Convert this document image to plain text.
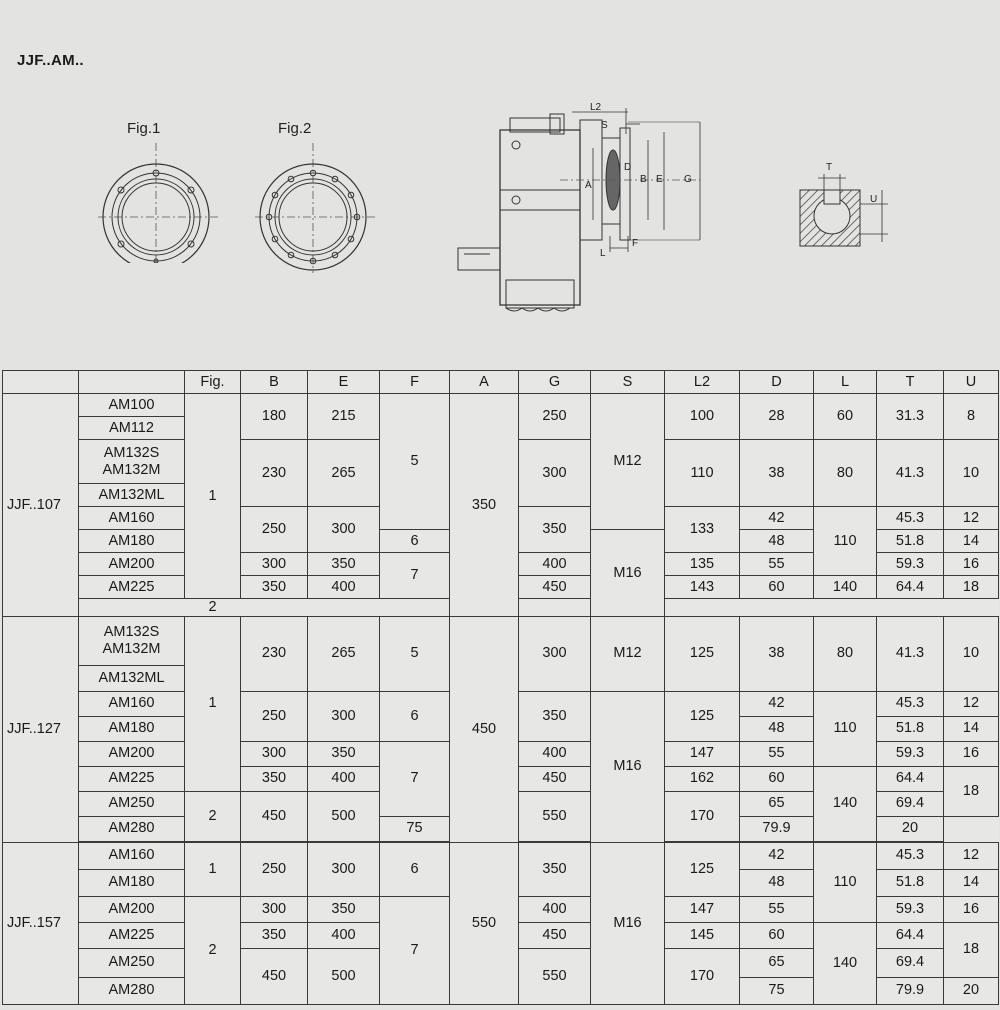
JJF..AM..
Fig.1	Fig.2
L2
S
D
A
B E G
L
F
T
U
		Fig.	B	E	F	A	G	S	L2	D	L	T	U
JJF..107	AM100	1	180	215	5	350	250	M12	100	28	60	31.3	8
	AM112												

	AM132S
AM132M		230	265			300		110	38	80	41.3	10
	AM132ML												
	AM160		250	300			350		133	42	110	45.3	12
	AM180				6			M16		48		51.8	14
	AM200		300	350	7		400		135	55		59.3	16
	AM225		350	400			450		143	60	140	64.4	18
		2											
JJF..127	AM132S
AM132M	1	230	265	5	450	300	M12	125	38	80	41.3	10
	AM132ML												
	AM160		250	300	6		350	M16	125	42	110	45.3	12
	AM180									48		51.8	14
	AM200		300	350	7		400		147	55		59.3	16
	AM225		350	400			450		162	60	140	64.4	18
	AM250	2	450	500			550		170	65		69.4	
	AM280				75					79.9		20	

JJF..157	AM160	1	250	300	6	550	350	M16	125	42	110	45.3	12
	AM180									48		51.8	14
	AM200	2	300	350	7		400		147	55		59.3	16
	AM225		350	400			450		145	60	140	64.4	18
	AM250		450	500			550		170	65		69.4	
	AM280									75		79.9	20
